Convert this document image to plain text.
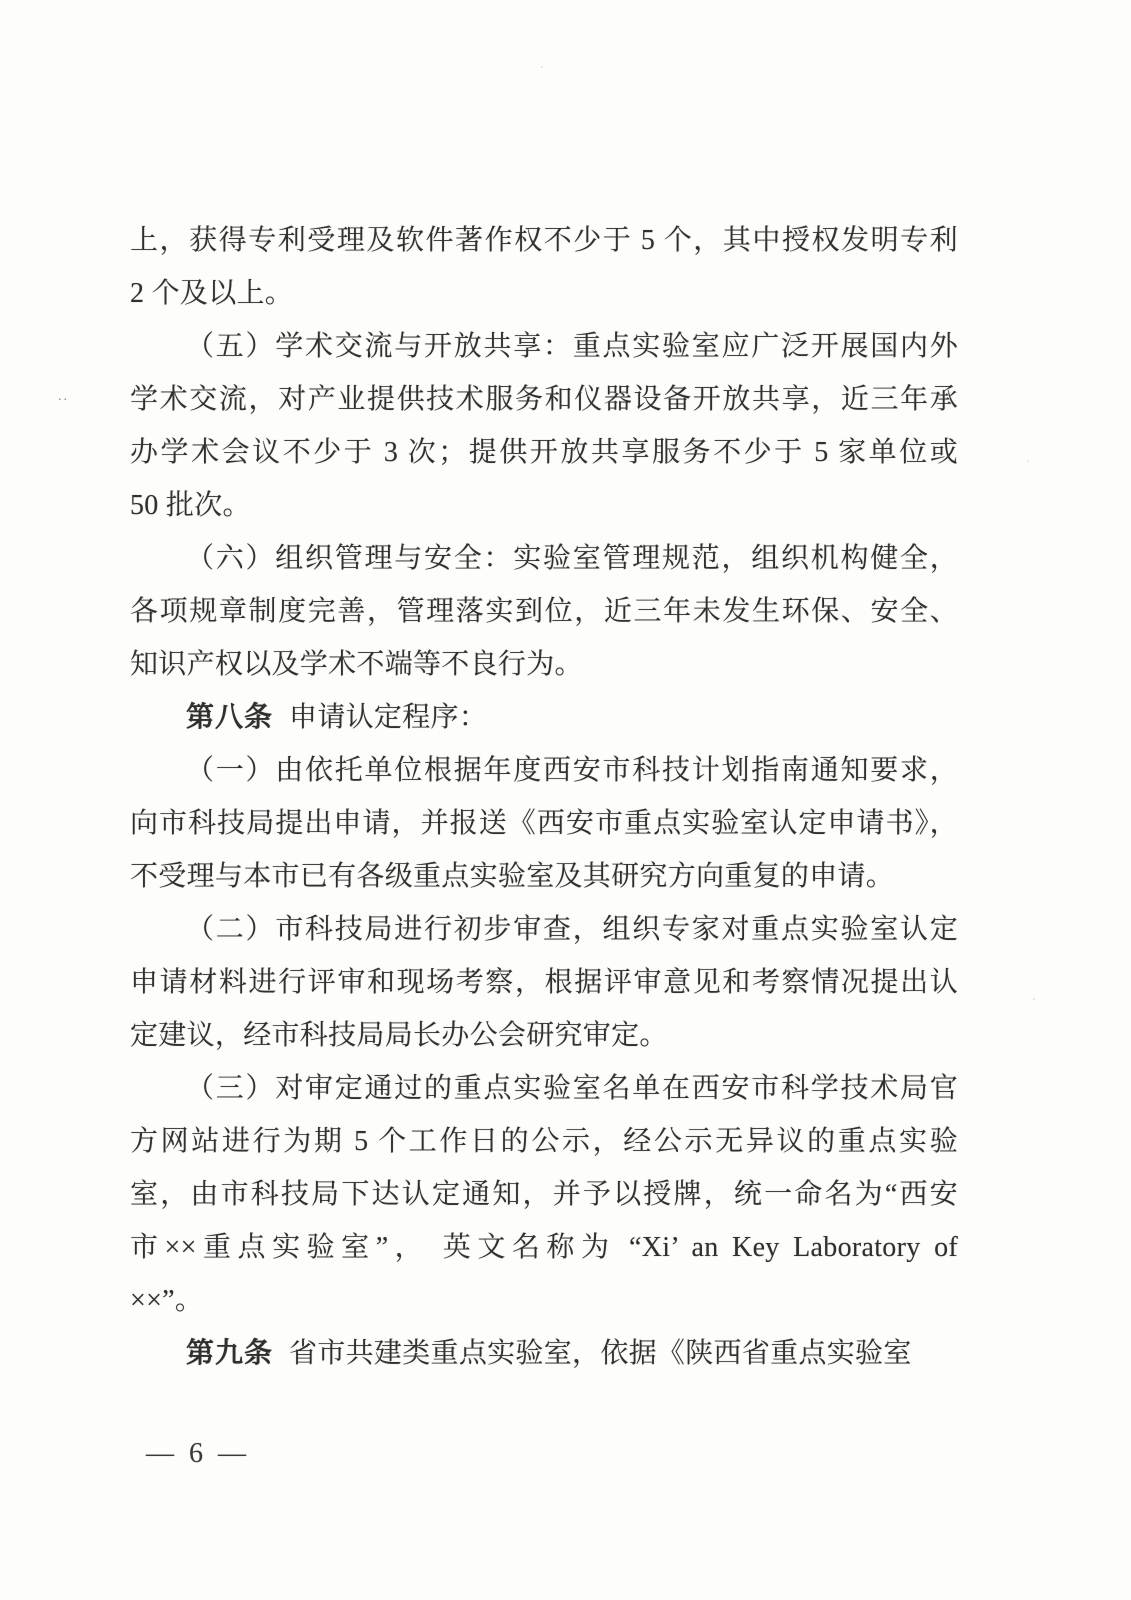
..
.
.
.
上，获得专利受理及软件著作权不少于 5 个，其中授权发明专利
2 个及以上。
（五）学术交流与开放共享：重点实验室应广泛开展国内外
学术交流，对产业提供技术服务和仪器设备开放共享，近三年承
办学术会议不少于 3 次；提供开放共享服务不少于 5 家单位或
50 批次。
（六）组织管理与安全：实验室管理规范，组织机构健全，
各项规章制度完善，管理落实到位，近三年未发生环保、安全、
知识产权以及学术不端等不良行为。
第八条 申请认定程序：
（一）由依托单位根据年度西安市科技计划指南通知要求，
向市科技局提出申请，并报送《西安市重点实验室认定申请书》，
不受理与本市已有各级重点实验室及其研究方向重复的申请。
（二）市科技局进行初步审查，组织专家对重点实验室认定
申请材料进行评审和现场考察，根据评审意见和考察情况提出认
定建议，经市科技局局长办公会研究审定。
（三）对审定通过的重点实验室名单在西安市科学技术局官
方网站进行为期 5 个工作日的公示，经公示无异议的重点实验
室，由市科技局下达认定通知，并予以授牌，统一命名为“西安
市××重点实验室”， 英文名称为 “Xi’ an Key Laboratory of
××”。
第九条 省市共建类重点实验室，依据《陕西省重点实验室
— 6 —
